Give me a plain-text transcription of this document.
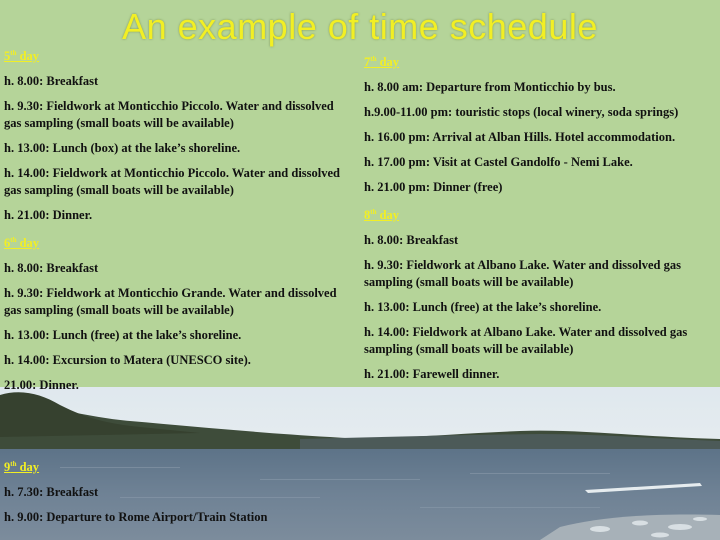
An example of time schedule
5th day

h. 8.00: Breakfast

h. 9.30: Fieldwork at Monticchio Piccolo. Water and dissolved gas sampling (small boats will be available)

h. 13.00: Lunch (box) at the lake’s shoreline.

h. 14.00: Fieldwork at Monticchio Piccolo. Water and dissolved gas sampling (small boats will be available)

h. 21.00: Dinner.

6th day

h. 8.00: Breakfast

h. 9.30: Fieldwork at Monticchio Grande. Water and dissolved gas sampling (small boats will be available)

h. 13.00: Lunch (free) at the lake’s shoreline.

h. 14.00: Excursion to Matera (UNESCO site).

21.00: Dinner.

7th day

h. 8.00 am: Departure from Monticchio by bus.

h.9.00-11.00 pm: touristic stops (local winery, soda springs)

h. 16.00 pm: Arrival at Alban Hills. Hotel accommodation.

h. 17.00 pm: Visit at Castel Gandolfo - Nemi Lake.

h. 21.00 pm: Dinner (free)

8th day

h. 8.00: Breakfast

h. 9.30: Fieldwork at Albano Lake. Water and dissolved gas sampling (small boats will be available)

h. 13.00: Lunch (free) at the lake’s shoreline.

h. 14.00: Fieldwork at Albano Lake. Water and dissolved gas sampling (small boats will be available)

h. 21.00: Farewell dinner.

9th day

h. 7.30: Breakfast

h. 9.00: Departure to Rome Airport/Train Station
